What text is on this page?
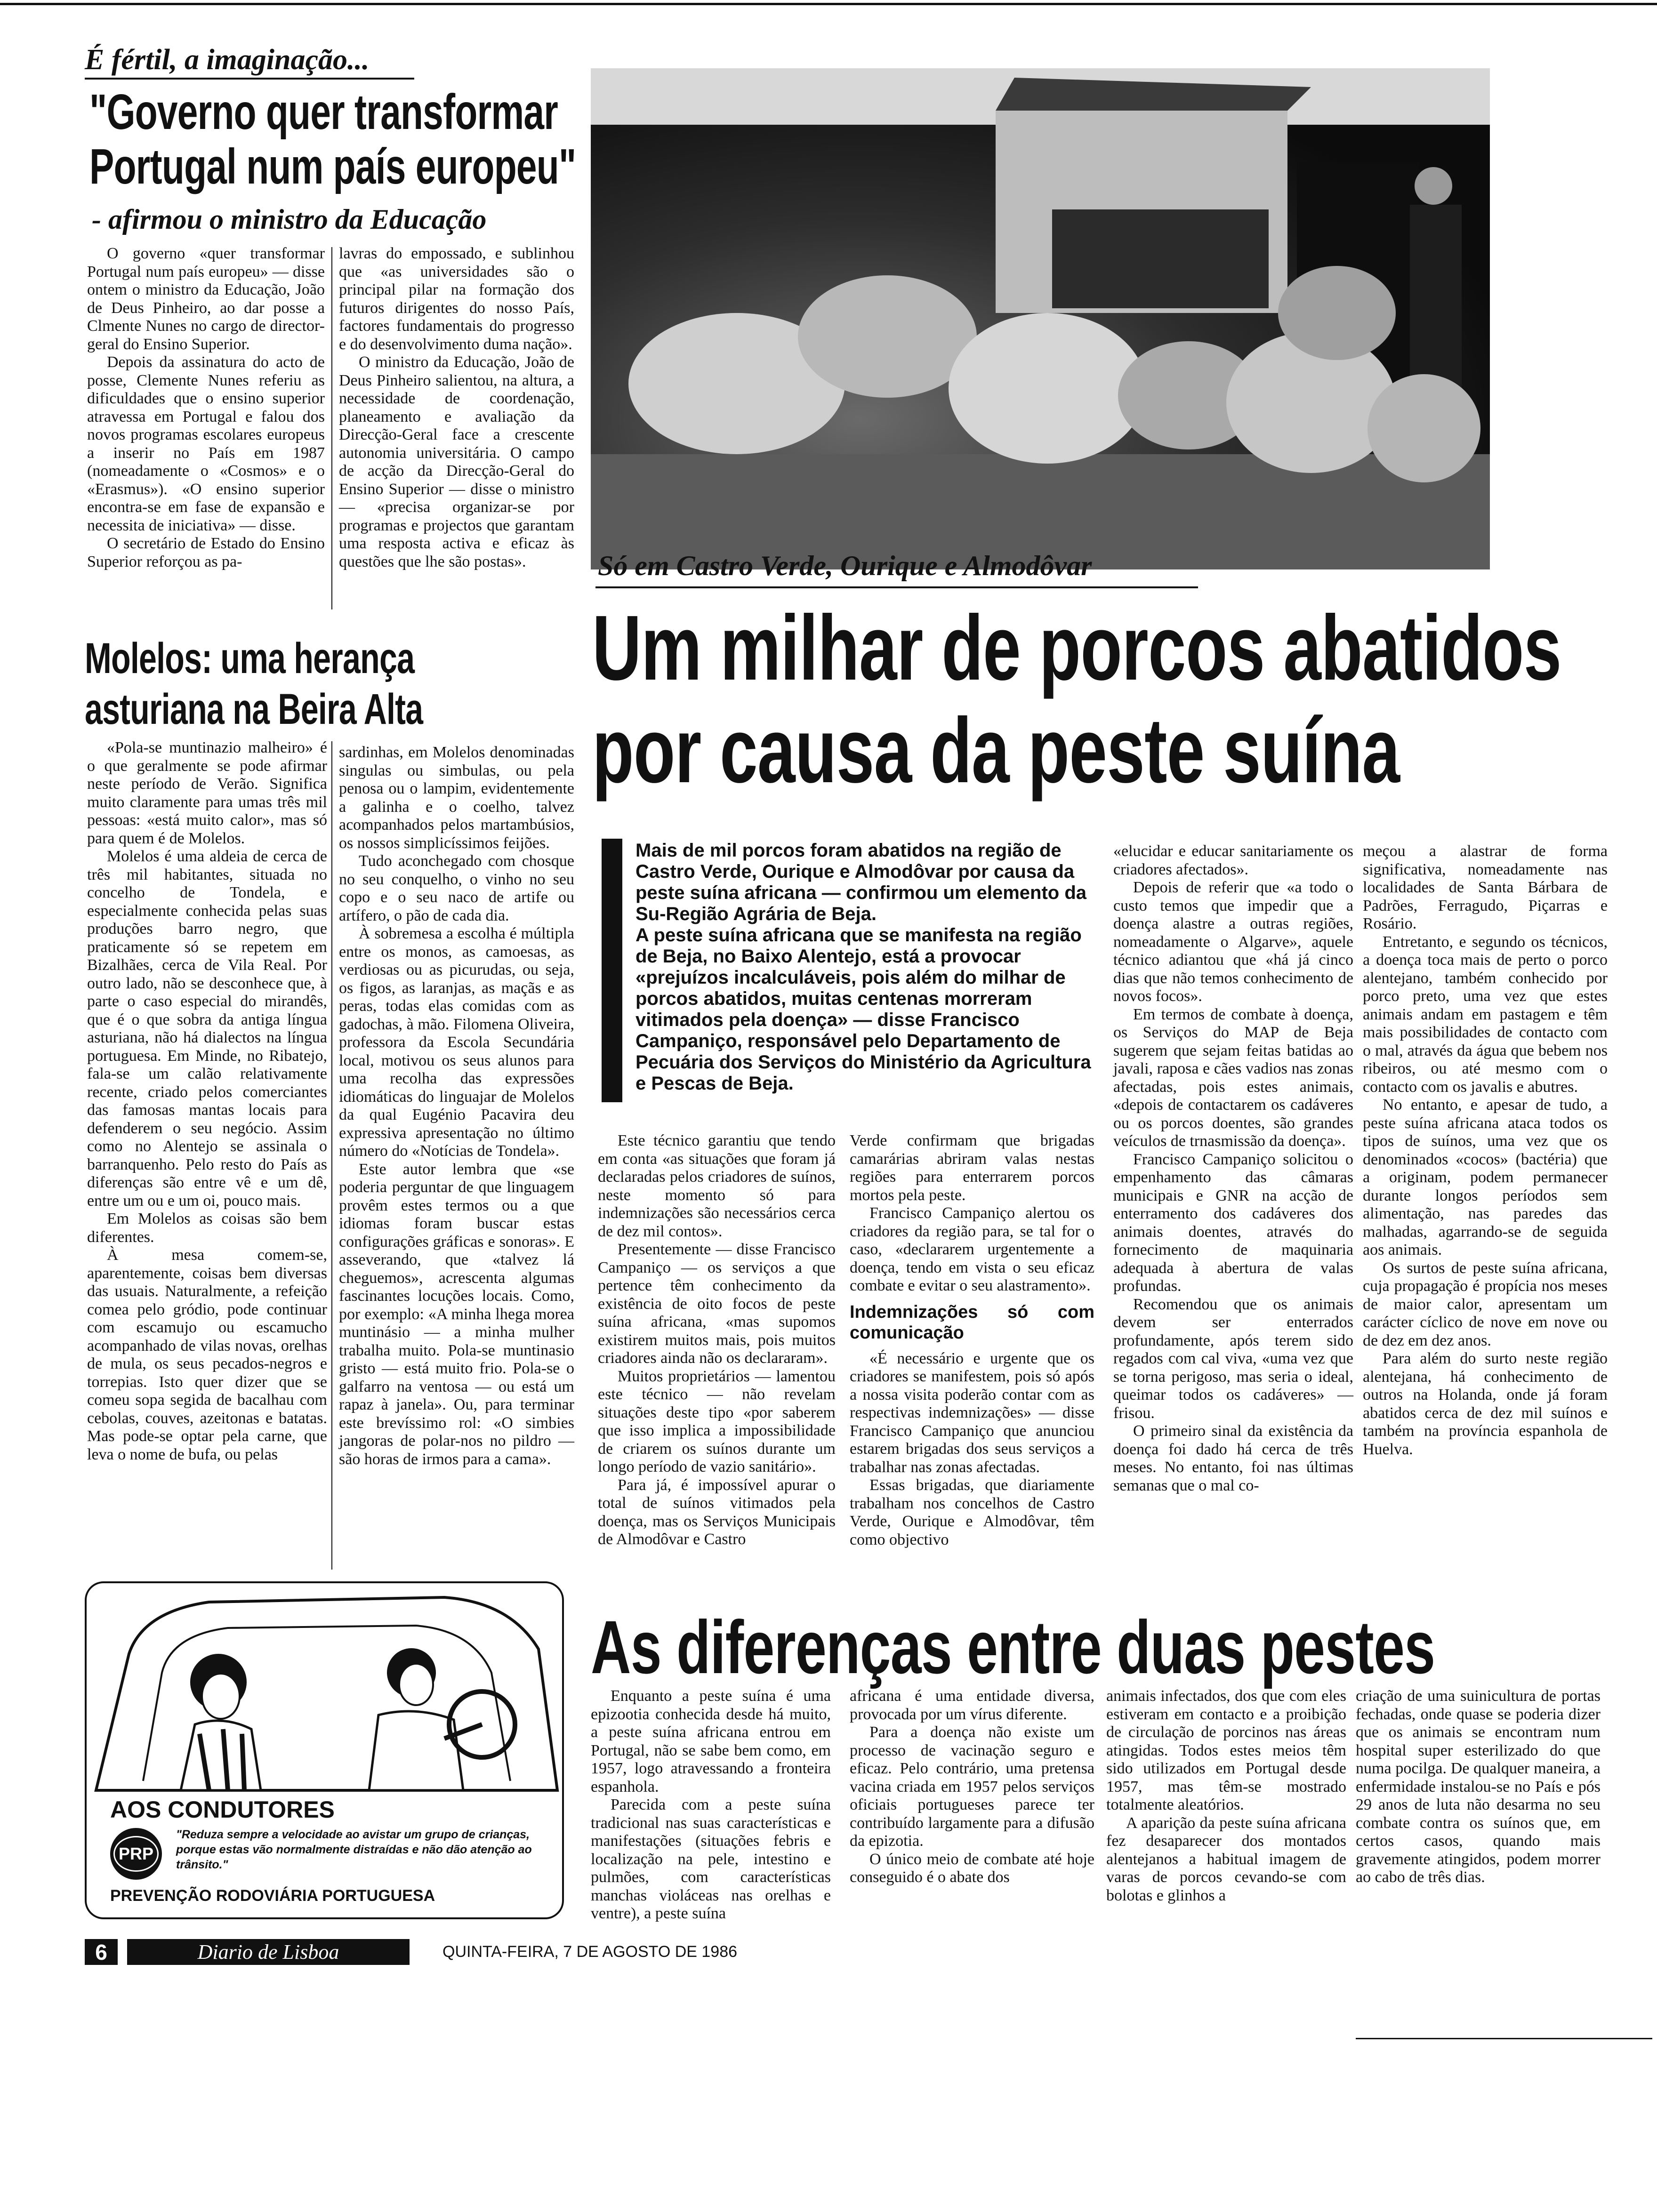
É fértil, a imaginação...
"Governo quer transformar
Portugal num país europeu"
- afirmou o ministro da Educação

O governo «quer transformar Portugal num país europeu» — disse ontem o ministro da Educação, João de Deus Pinheiro, ao dar posse a Clmente Nunes no cargo de director-geral do Ensino Superior.

Depois da assinatura do acto de posse, Clemente Nunes referiu as dificuldades que o ensino superior atravessa em Portugal e falou dos novos programas escolares europeus a inserir no País em 1987 (nomeadamente o «Cosmos» e o «Erasmus»). «O ensino superior encontra-se em fase de expansão e necessita de iniciativa» — disse.

O secretário de Estado do Ensino Superior reforçou as pa-

lavras do empossado, e sublinhou que «as universidades são o principal pilar na formação dos futuros dirigentes do nosso País, factores fundamentais do progresso e do desenvolvimento duma nação».

O ministro da Educação, João de Deus Pinheiro salientou, na altura, a necessidade de coordenação, planeamento e avaliação da Direcção-Geral face a crescente autonomia universitária. O campo de acção da Direcção-Geral do Ensino Superior — disse o ministro — «precisa organizar-se por programas e projectos que garantam uma resposta activa e eficaz às questões que lhe são postas».

Molelos: uma herança
asturiana na Beira Alta

«Pola-se muntinazio malheiro» é o que geralmente se pode afirmar neste período de Verão. Significa muito claramente para umas três mil pessoas: «está muito calor», mas só para quem é de Molelos.

Molelos é uma aldeia de cerca de três mil habitantes, situada no concelho de Tondela, e especialmente conhecida pelas suas produções barro negro, que praticamente só se repetem em Bizalhães, cerca de Vila Real. Por outro lado, não se desconhece que, à parte o caso especial do mirandês, que é o que sobra da antiga língua asturiana, não há dialectos na língua portuguesa. Em Minde, no Ribatejo, fala-se um calão relativamente recente, criado pelos comerciantes das famosas mantas locais para defenderem o seu negócio. Assim como no Alentejo se assinala o barranquenho. Pelo resto do País as diferenças são entre vê e um dê, entre um ou e um oi, pouco mais.

Em Molelos as coisas são bem diferentes.

À mesa comem-se, aparentemente, coisas bem diversas das usuais. Naturalmente, a refeição comea pelo gródio, pode continuar com escamujo ou escamucho acompanhado de vilas novas, orelhas de mula, os seus pecados-negros e torrepias. Isto quer dizer que se comeu sopa segida de bacalhau com cebolas, couves, azeitonas e batatas. Mas pode-se optar pela carne, que leva o nome de bufa, ou pelas

sardinhas, em Molelos denominadas singulas ou simbulas, ou pela penosa ou o lampim, evidentemente a galinha e o coelho, talvez acompanhados pelos martambúsios, os nossos simplicíssimos feijões.

Tudo aconchegado com chosque no seu conquelho, o vinho no seu copo e o seu naco de artife ou artífero, o pão de cada dia.

À sobremesa a escolha é múltipla entre os monos, as camoesas, as verdiosas ou as picurudas, ou seja, os figos, as laranjas, as maçãs e as peras, todas elas comidas com as gadochas, à mão. Filomena Oliveira, professora da Escola Secundária local, motivou os seus alunos para uma recolha das expressões idiomáticas do linguajar de Molelos da qual Eugénio Pacavira deu expressiva apresentação no último número do «Notícias de Tondela».

Este autor lembra que «se poderia perguntar de que linguagem provêm estes termos ou a que idiomas foram buscar estas configurações gráficas e sonoras». E asseverando, que «talvez lá cheguemos», acrescenta algumas fascinantes locuções locais. Como, por exemplo: «A minha lhega morea muntinásio — a minha mulher trabalha muito. Pola-se muntinasio gristo — está muito frio. Pola-se o galfarro na ventosa — ou está um rapaz à janela». Ou, para terminar este brevíssimo rol: «O simbies jangoras de polar-nos no pildro — são horas de irmos para a cama».

AOS CONDUTORES
PRP
"Reduza sempre a velocidade ao avistar um grupo de crianças, porque estas vão normalmente distraídas e não dão atenção ao trânsito."
PREVENÇÃO RODOVIÁRIA PORTUGUESA
Só em Castro Verde, Ourique e Almodôvar
Um milhar de porcos abatidos
por causa da peste suína

Mais de mil porcos foram abatidos na região de Castro Verde, Ourique e Almodôvar por causa da peste suína africana — confirmou um elemento da Su-Região Agrária de Beja.

A peste suína africana que se manifesta na região de Beja, no Baixo Alentejo, está a provocar «prejuízos incalculáveis, pois além do milhar de porcos abatidos, muitas centenas morreram vitimados pela doença» — disse Francisco Campaniço, responsável pelo Departamento de Pecuária dos Serviços do Ministério da Agricultura e Pescas de Beja.

Este técnico garantiu que tendo em conta «as situações que foram já declaradas pelos criadores de suínos, neste momento só para indemnizações são necessários cerca de dez mil contos».

Presentemente — disse Francisco Campaniço — os serviços a que pertence têm conhecimento da existência de oito focos de peste suína africana, «mas supomos existirem muitos mais, pois muitos criadores ainda não os declararam».

Muitos proprietários — lamentou este técnico — não revelam situações deste tipo «por saberem que isso implica a impossibilidade de criarem os suínos durante um longo período de vazio sanitário».

Para já, é impossível apurar o total de suínos vitimados pela doença, mas os Serviços Municipais de Almodôvar e Castro

Verde confirmam que brigadas camarárias abriram valas nestas regiões para enterrarem porcos mortos pela peste.

Francisco Campaniço alertou os criadores da região para, se tal for o caso, «declararem urgentemente a doença, tendo em vista o seu eficaz combate e evitar o seu alastramento».

Indemnizações só com comunicação

«É necessário e urgente que os criadores se manifestem, pois só após a nossa visita poderão contar com as respectivas indemnizações» — disse Francisco Campaniço que anunciou estarem brigadas dos seus serviços a trabalhar nas zonas afectadas.

Essas brigadas, que diariamente trabalham nos concelhos de Castro Verde, Ourique e Almodôvar, têm como objectivo

«elucidar e educar sanitariamente os criadores afectados».

Depois de referir que «a todo o custo temos que impedir que a doença alastre a outras regiões, nomeadamente o Algarve», aquele técnico adiantou que «há já cinco dias que não temos conhecimento de novos focos».

Em termos de combate à doença, os Serviços do MAP de Beja sugerem que sejam feitas batidas ao javali, raposa e cães vadios nas zonas afectadas, pois estes animais, «depois de contactarem os cadáveres ou os porcos doentes, são grandes veículos de trnasmissão da doença».

Francisco Campaniço solicitou o empenhamento das câmaras municipais e GNR na acção de enterramento dos cadáveres dos animais doentes, através do fornecimento de maquinaria adequada à abertura de valas profundas.

Recomendou que os animais devem ser enterrados profundamente, após terem sido regados com cal viva, «uma vez que se torna perigoso, mas seria o ideal, queimar todos os cadáveres» — frisou.

O primeiro sinal da existência da doença foi dado há cerca de três meses. No entanto, foi nas últimas semanas que o mal co-

meçou a alastrar de forma significativa, nomeadamente nas localidades de Santa Bárbara de Padrões, Ferragudo, Piçarras e Rosário.

Entretanto, e segundo os técnicos, a doença toca mais de perto o porco alentejano, também conhecido por porco preto, uma vez que estes animais andam em pastagem e têm mais possibilidades de contacto com o mal, através da água que bebem nos ribeiros, ou até mesmo com o contacto com os javalis e abutres.

No entanto, e apesar de tudo, a peste suína africana ataca todos os tipos de suínos, uma vez que os denominados «cocos» (bactéria) que a originam, podem permanecer durante longos períodos sem alimentação, nas paredes das malhadas, agarrando-se de seguida aos animais.

Os surtos de peste suína africana, cuja propagação é propícia nos meses de maior calor, apresentam um carácter cíclico de nove em nove ou de dez em dez anos.

Para além do surto neste região alentejana, há conhecimento de outros na Holanda, onde já foram abatidos cerca de dez mil suínos e também na província espanhola de Huelva.

As diferenças entre duas pestes

Enquanto a peste suína é uma epizootia conhecida desde há muito, a peste suína africana entrou em Portugal, não se sabe bem como, em 1957, logo atravessando a fronteira espanhola.

Parecida com a peste suína tradicional nas suas características e manifestações (situações febris e localização na pele, intestino e pulmões, com características manchas violáceas nas orelhas e ventre), a peste suína

africana é uma entidade diversa, provocada por um vírus diferente.

Para a doença não existe um processo de vacinação seguro e eficaz. Pelo contrário, uma pretensa vacina criada em 1957 pelos serviços oficiais portugueses parece ter contribuído largamente para a difusão da epizotia.

O único meio de combate até hoje conseguido é o abate dos

animais infectados, dos que com eles estiveram em contacto e a proibição de circulação de porcinos nas áreas atingidas. Todos estes meios têm sido utilizados em Portugal desde 1957, mas têm-se mostrado totalmente aleatórios.

A aparição da peste suína africana fez desaparecer dos montados alentejanos a habitual imagem de varas de porcos cevando-se com bolotas e glinhos a

criação de uma suinicultura de portas fechadas, onde quase se poderia dizer que os animais se encontram num hospital super esterilizado do que numa pocilga. De qualquer maneira, a enfermidade instalou-se no País e pós 29 anos de luta não desarma no seu combate contra os suínos que, em certos casos, quando mais gravemente atingidos, podem morrer ao cabo de três dias.

6	Diario de Lisboa	QUINTA-FEIRA, 7 DE AGOSTO DE 1986
